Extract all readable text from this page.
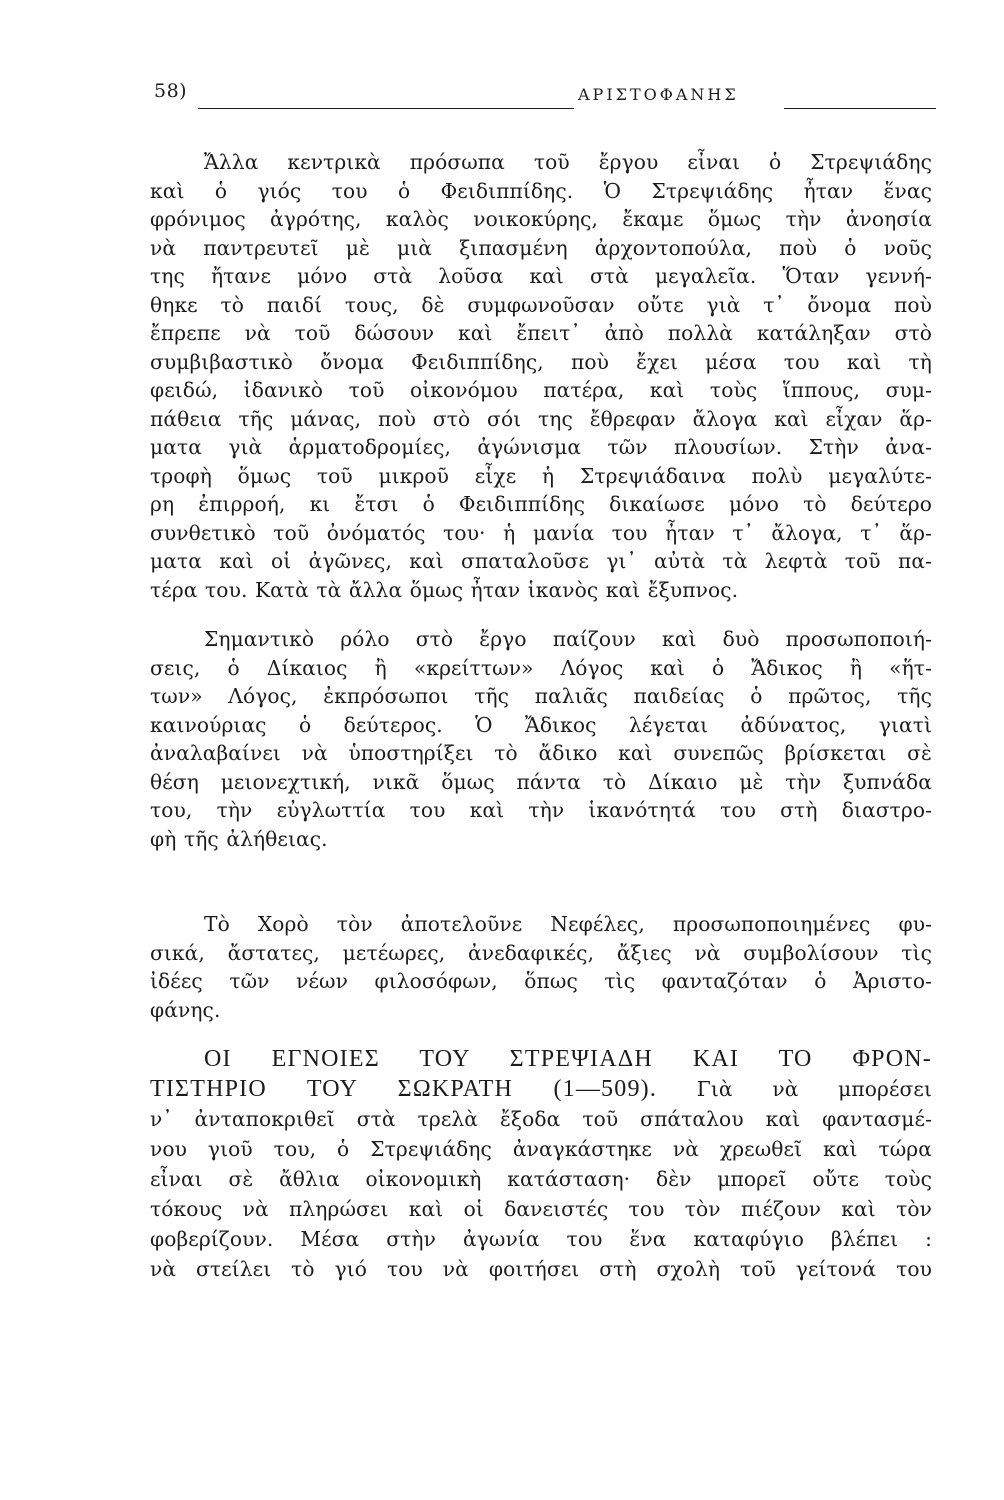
58)	ΑΡΙΣΤΟΦΑΝΗΣ
Ἄλλα κεντρικὰ πρόσωπα τοῦ ἔργου εἶναι ὁ Στρεψιάδης
καὶ ὁ γιός του ὁ Φειδιππίδης. Ὁ Στρεψιάδης ἦταν ἕνας
φρόνιμος ἀγρότης, καλὸς νοικοκύρης, ἔκαμε ὅμως τὴν ἀνοησία
νὰ παντρευτεῖ μὲ μιὰ ξιπασμένη ἀρχοντοπούλα, ποὺ ὁ νοῦς
της ἤτανε μόνο στὰ λοῦσα καὶ στὰ μεγαλεῖα. Ὅταν γεννή-
θηκε τὸ παιδί τους, δὲ συμφωνοῦσαν οὔτε γιὰ τ᾽ ὄνομα ποὺ
ἔπρεπε νὰ τοῦ δώσουν καὶ ἔπειτ᾽ ἀπὸ πολλὰ κατάληξαν στὸ
συμβιβαστικὸ ὄνομα Φειδιππίδης, ποὺ ἔχει μέσα του καὶ τὴ
φειδώ, ἰδανικὸ τοῦ οἰκονόμου πατέρα, καὶ τοὺς ἵππους, συμ-
πάθεια τῆς μάνας, ποὺ στὸ σόι της ἔθρεφαν ἄλογα καὶ εἶχαν ἅρ-
ματα γιὰ ἁρματοδρομίες, ἀγώνισμα τῶν πλουσίων. Στὴν ἀνα-
τροφὴ ὅμως τοῦ μικροῦ εἶχε ἡ Στρεψιάδαινα πολὺ μεγαλύτε-
ρη ἐπιρροή, κι ἔτσι ὁ Φειδιππίδης δικαίωσε μόνο τὸ δεύτερο
συνθετικὸ τοῦ ὀνόματός του· ἡ μανία του ἦταν τ᾽ ἄλογα, τ᾽ ἅρ-
ματα καὶ οἱ ἀγῶνες, καὶ σπαταλοῦσε γι᾽ αὐτὰ τὰ λεφτὰ τοῦ πα-
τέρα του. Κατὰ τὰ ἄλλα ὅμως ἦταν ἱκανὸς καὶ ἔξυπνος.
Σημαντικὸ ρόλο στὸ ἔργο παίζουν καὶ δυὸ προσωποποιή-
σεις, ὁ Δίκαιος ἢ «κρείττων» Λόγος καὶ ὁ Ἄδικος ἢ «ἥτ-
των» Λόγος, ἐκπρόσωποι τῆς παλιᾶς παιδείας ὁ πρῶτος, τῆς
καινούριας ὁ δεύτερος. Ὁ Ἄδικος λέγεται ἀδύνατος, γιατὶ
ἀναλαβαίνει νὰ ὑποστηρίξει τὸ ἄδικο καὶ συνεπῶς βρίσκεται σὲ
θέση μειονεχτική, νικᾶ ὅμως πάντα τὸ Δίκαιο μὲ τὴν ξυπνάδα
του, τὴν εὐγλωττία του καὶ τὴν ἱκανότητά του στὴ διαστρο-
φὴ τῆς ἀλήθειας.
Τὸ Χορὸ τὸν ἀποτελοῦνε Νεφέλες, προσωποποιημένες φυ-
σικά, ἄστατες, μετέωρες, ἀνεδαφικές, ἄξιες νὰ συμβολίσουν τὶς
ἰδέες τῶν νέων φιλοσόφων, ὅπως τὶς φανταζόταν ὁ Ἀριστο-
φάνης.
ΟΙ ΕΓΝΟΙΕΣ ΤΟΥ ΣΤΡΕΨΙΑΔΗ ΚΑΙ ΤΟ ΦΡΟΝ-
ΤΙΣΤΗΡΙΟ ΤΟΥ ΣΩΚΡΑΤΗ (1—509). Γιὰ νὰ μπορέσει
ν᾽ ἀνταποκριθεῖ στὰ τρελὰ ἔξοδα τοῦ σπάταλου καὶ φαντασμέ-
νου γιοῦ του, ὁ Στρεψιάδης ἀναγκάστηκε νὰ χρεωθεῖ καὶ τώρα
εἶναι σὲ ἄθλια οἰκονομικὴ κατάσταση· δὲν μπορεῖ οὔτε τοὺς
τόκους νὰ πληρώσει καὶ οἱ δανειστές του τὸν πιέζουν καὶ τὸν
φοβερίζουν. Μέσα στὴν ἀγωνία του ἕνα καταφύγιο βλέπει :
νὰ στείλει τὸ γιό του νὰ φοιτήσει στὴ σχολὴ τοῦ γείτονά του
